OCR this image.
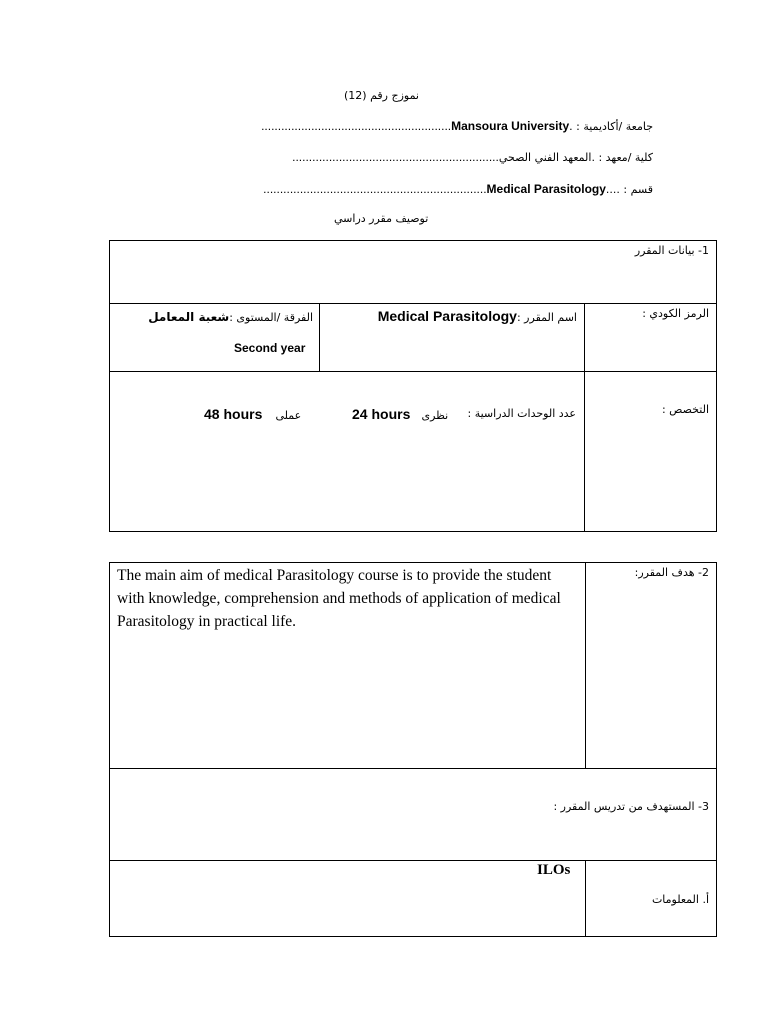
نموزج رقم (12)
.........................................................Mansoura Universityجامعة /أكاديمية : .
..............................................................المعهد الفني الصحيكلية /معهد : .
...................................................................Medical Parasitologyقسم : ....
توصيف مقرر دراسي
1- بيانات المقرر
الرمز الكودي :
Medical Parasitologyاسم المقرر :
شعبة المعاملالفرقة /المستوى :
Second year
التخصص :
عدد الوحدات الدراسية :
24 hours نظرى
48 hours عملى
2- هدف المقرر:
The main aim of medical Parasitology course is to provide the student with knowledge, comprehension and methods of application of medical Parasitology in practical life.
3- المستهدف من تدريس المقرر :
ILOs
أ. المعلومات
